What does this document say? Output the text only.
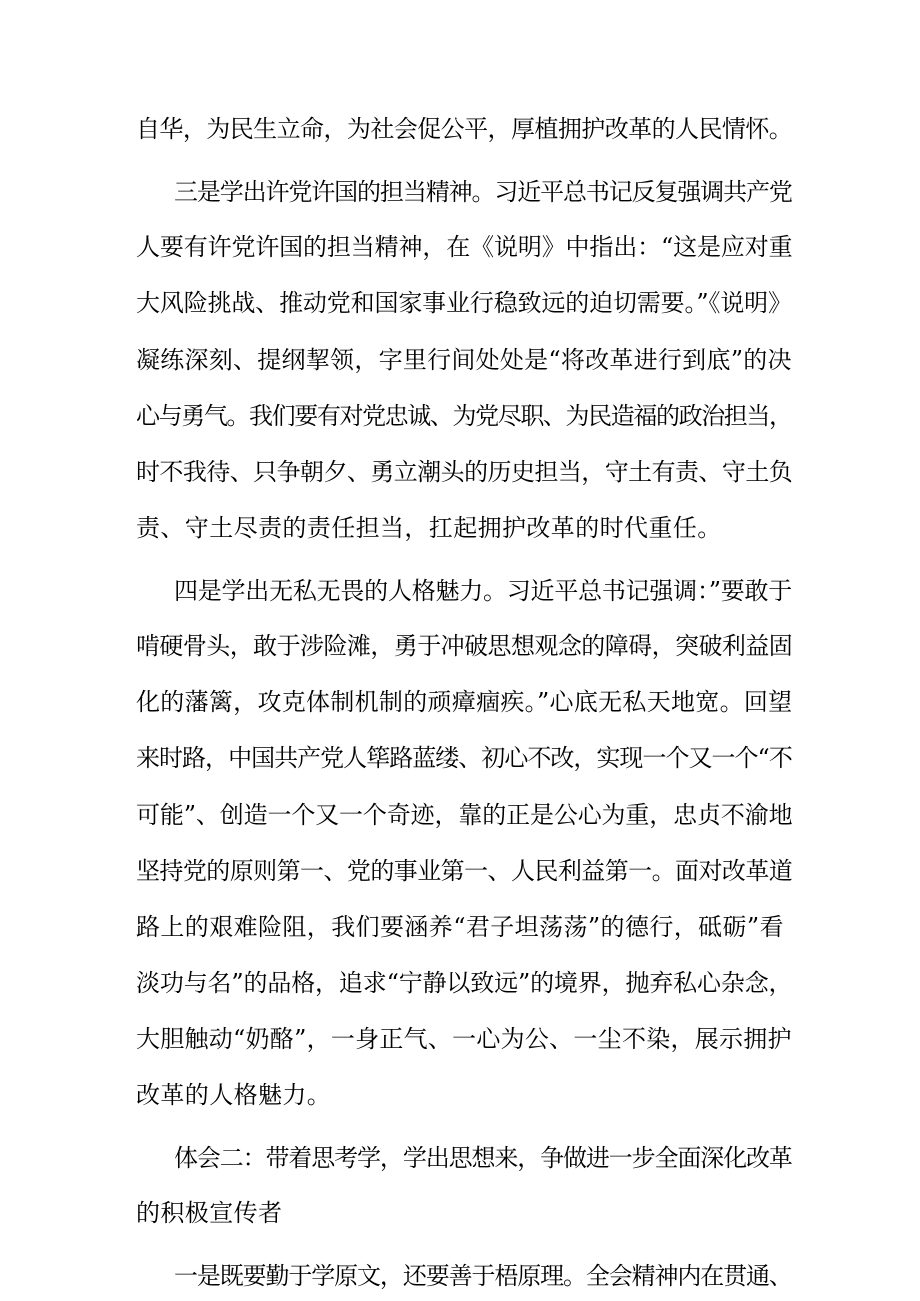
自华，为民生立命，为社会促公平，厚植拥护改革的人民情怀。
三是学出许党许国的担当精神。习近平总书记反复强调共产党
人要有许党许国的担当精神，在《说明》中指出：“这是应对重
大风险挑战、推动党和国家事业行稳致远的迫切需要。”《说明》
凝练深刻、提纲挈领，字里行间处处是“将改革进行到底”的决
心与勇气。我们要有对党忠诚、为党尽职、为民造福的政治担当，
时不我待、只争朝夕、勇立潮头的历史担当，守土有责、守土负
责、守土尽责的责任担当，扛起拥护改革的时代重任。
四是学出无私无畏的人格魅力。习近平总书记强调：”要敢于
啃硬骨头，敢于涉险滩，勇于冲破思想观念的障碍，突破利益固
化的藩篱，攻克体制机制的顽瘴痼疾。”心底无私天地宽。回望
来时路，中国共产党人筚路蓝缕、初心不改，实现一个又一个“不
可能”、创造一个又一个奇迹，靠的正是公心为重，忠贞不渝地
坚持党的原则第一、党的事业第一、人民利益第一。面对改革道
路上的艰难险阻，我们要涵养“君子坦荡荡”的德行，砥砺”看
淡功与名”的品格，追求“宁静以致远”的境界，抛弃私心杂念，
大胆触动“奶酪”，一身正气、一心为公、一尘不染，展示拥护
改革的人格魅力。
体会二：带着思考学，学出思想来，争做进一步全面深化改革
的积极宣传者
一是既要勤于学原文，还要善于梧原理。全会精神内在贯通、
